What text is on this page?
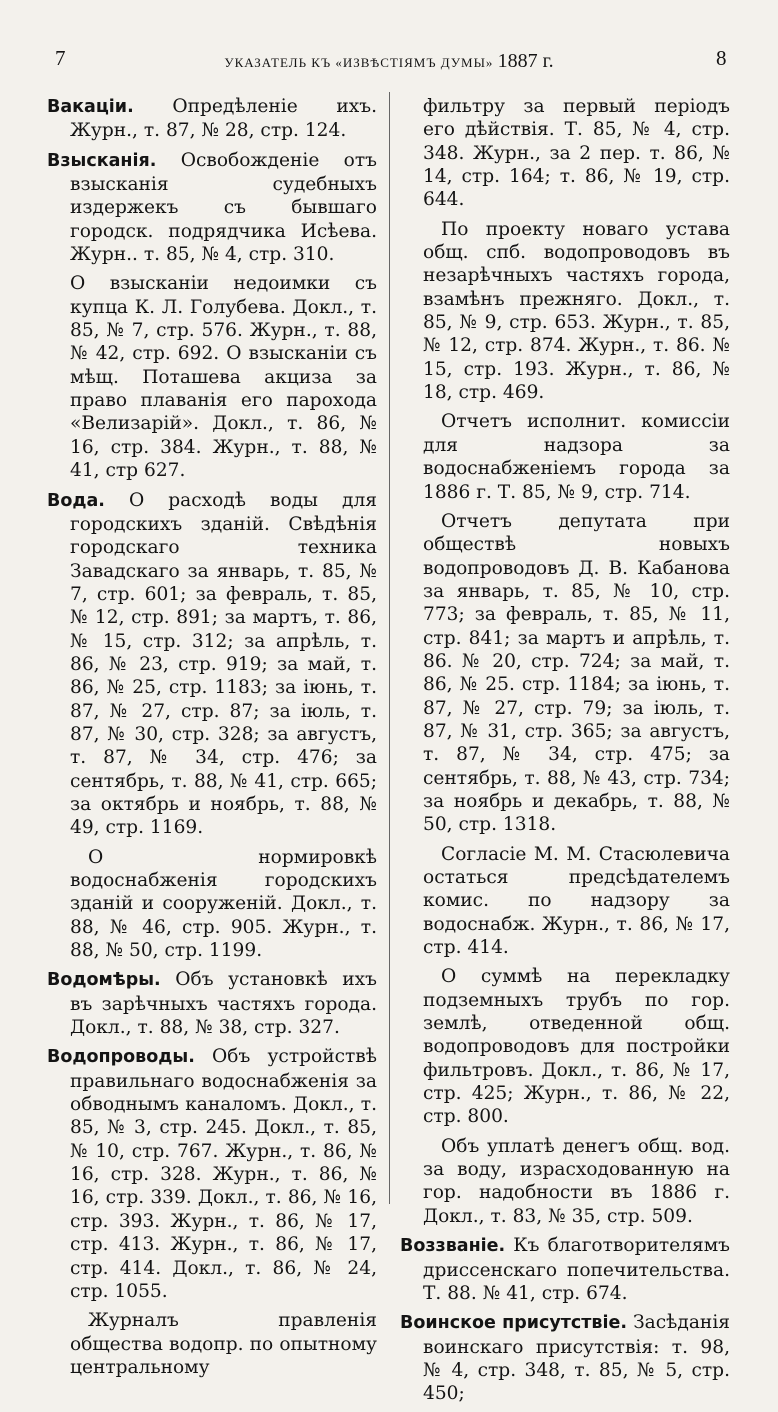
7	УКАЗАТЕЛЬ КЪ «ИЗВѢСТІЯМЪ ДУМЫ» 1887 г.	8

Вакаціи. Опредѣленіе ихъ. Журн., т. 87, № 28, стр. 124.

Взысканія. Освобожденіе отъ взысканія судебныхъ издержекъ съ бывшаго городск. подрядчика Исѣева. Журн.. т. 85, № 4, стр. 310.

О взысканіи недоимки съ купца К. Л. Голубева. Докл., т. 85, № 7, стр. 576. Журн., т. 88, № 42, стр. 692. О взысканіи съ мѣщ. Поташева акциза за право плаванія его парохода «Велизарій». Докл., т. 86, № 16, стр. 384. Журн., т. 88, № 41, стр 627.

Вода. О расходѣ воды для городскихъ зданій. Свѣдѣнія городскаго техника Завадскаго за январь, т. 85, № 7, стр. 601; за февраль, т. 85, № 12, стр. 891; за мартъ, т. 86, № 15, стр. 312; за апрѣль, т. 86, № 23, стр. 919; за май, т. 86, № 25, стр. 1183; за іюнь, т. 87, № 27, стр. 87; за іюль, т. 87, № 30, стр. 328; за августъ, т. 87, № 34, стр. 476; за сентябрь, т. 88, № 41, стр. 665; за октябрь и ноябрь, т. 88, № 49, стр. 1169.

О нормировкѣ водоснабженія городскихъ зданій и сооруженій. Докл., т. 88, № 46, стр. 905. Журн., т. 88, № 50, стр. 1199.

Водомѣры. Объ установкѣ ихъ въ зарѣчныхъ частяхъ города. Докл., т. 88, № 38, стр. 327.

Водопроводы. Объ устройствѣ правильнаго водоснабженія за обводнымъ каналомъ. Докл., т. 85, № 3, стр. 245. Докл., т. 85, № 10, стр. 767. Журн., т. 86, № 16, стр. 328. Журн., т. 86, № 16, стр. 339. Докл., т. 86, № 16, стр. 393. Журн., т. 86, № 17, стр. 413. Журн., т. 86, № 17, стр. 414. Докл., т. 86, № 24, стр. 1055.

Журналъ правленія общества водопр. по опытному центральному

фильтру за первый періодъ его дѣйствія. Т. 85, № 4, стр. 348. Журн., за 2 пер. т. 86, № 14, стр. 164; т. 86, № 19, стр. 644.

По проекту новаго устава общ. спб. водопроводовъ въ незарѣчныхъ частяхъ города, взамѣнъ прежняго. Докл., т. 85, № 9, стр. 653. Журн., т. 85, № 12, стр. 874. Журн., т. 86. № 15, стр. 193. Журн., т. 86, № 18, стр. 469.

Отчетъ исполнит. комиссіи для надзора за водоснабженіемъ города за 1886 г. Т. 85, № 9, стр. 714.

Отчетъ депутата при обществѣ новыхъ водопроводовъ Д. В. Кабанова за январь, т. 85, № 10, стр. 773; за февраль, т. 85, № 11, стр. 841; за мартъ и апрѣль, т. 86. № 20, стр. 724; за май, т. 86, № 25. стр. 1184; за іюнь, т. 87, № 27, стр. 79; за іюль, т. 87, № 31, стр. 365; за августъ, т. 87, № 34, стр. 475; за сентябрь, т. 88, № 43, стр. 734; за ноябрь и декабрь, т. 88, № 50, стр. 1318.

Согласіе М. М. Стасюлевича остаться предсѣдателемъ комис. по надзору за водоснабж. Журн., т. 86, № 17, стр. 414.

О суммѣ на перекладку подземныхъ трубъ по гор. землѣ, отведенной общ. водопроводовъ для постройки фильтровъ. Докл., т. 86, № 17, стр. 425; Журн., т. 86, № 22, стр. 800.

Объ уплатѣ денегъ общ. вод. за воду, израсходованную на гор. надобности въ 1886 г. Докл., т. 83, № 35, стр. 509.

Воззваніе. Къ благотворителямъ дриссенскаго попечительства. Т. 88. № 41, стр. 674.

Воинское присутствіе. Засѣданія воинскаго присутствія: т. 98, № 4, стр. 348, т. 85, № 5, стр. 450;
